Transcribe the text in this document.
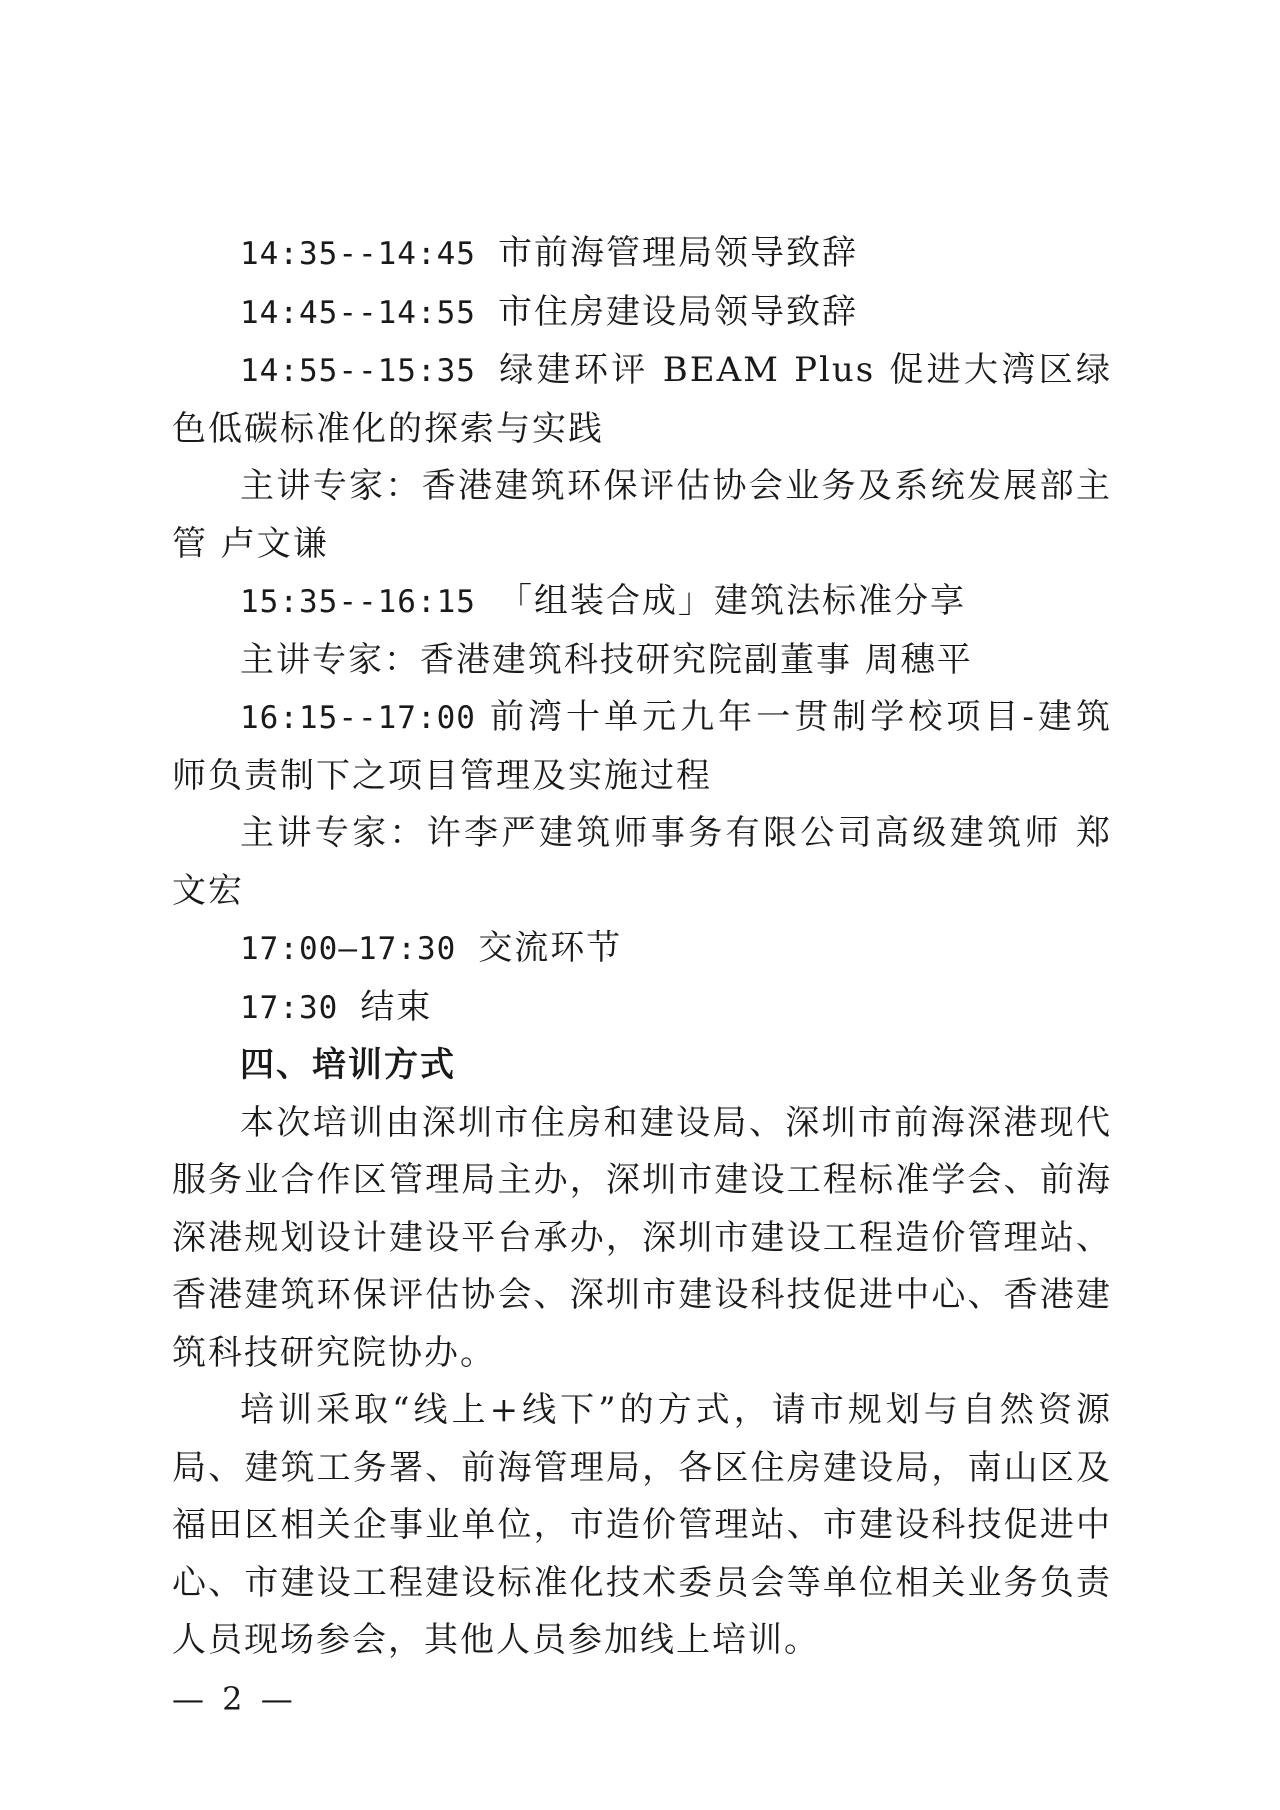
14:35--14:45 市前海管理局领导致辞

14:45--14:55 市住房建设局领导致辞

14:55--15:35 绿建环评 BEAM Plus 促进大湾区绿色低碳标准化的探索与实践

主讲专家：香港建筑环保评估协会业务及系统发展部主管 卢文谦

15:35--16:15 「组装合成」建筑法标准分享

主讲专家：香港建筑科技研究院副董事 周穗平

16:15--17:00 前湾十单元九年一贯制学校项目-建筑师负责制下之项目管理及实施过程

主讲专家：许李严建筑师事务有限公司高级建筑师 郑文宏

17:00—17:30 交流环节

17:30 结束

四、培训方式

本次培训由深圳市住房和建设局、深圳市前海深港现代服务业合作区管理局主办，深圳市建设工程标准学会、前海深港规划设计建设平台承办，深圳市建设工程造价管理站、香港建筑环保评估协会、深圳市建设科技促进中心、香港建筑科技研究院协办。

培训采取“线上+线下”的方式，请市规划与自然资源局、建筑工务署、前海管理局，各区住房建设局，南山区及福田区相关企事业单位，市造价管理站、市建设科技促进中心、市建设工程建设标准化技术委员会等单位相关业务负责人员现场参会，其他人员参加线上培训。

— 2 —
